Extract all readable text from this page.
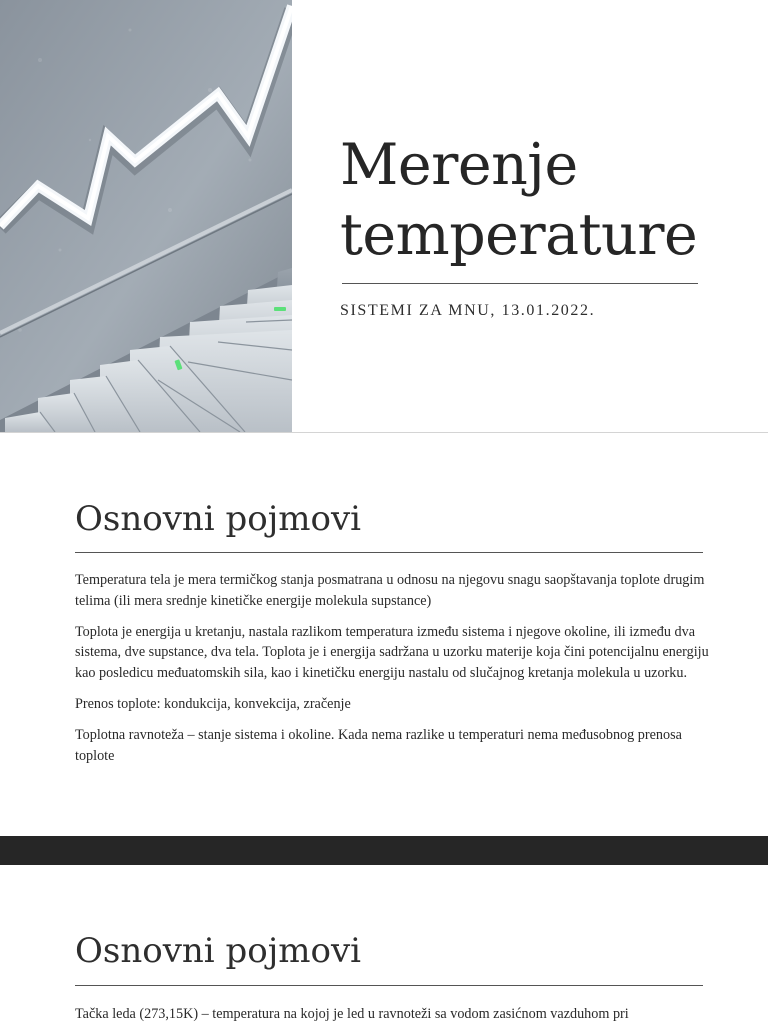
Merenje
temperature
SISTEMI ZA MNU, 13.01.2022.
Osnovni pojmovi

Temperatura tela je mera termičkog stanja posmatrana u odnosu na njegovu snagu saopštavanja toplote drugim telima (ili mera srednje kinetičke energije molekula supstance)

Toplota je energija u kretanju, nastala razlikom temperatura između sistema i njegove okoline, ili između dva sistema, dve supstance, dva tela. Toplota je i energija sadržana u uzorku materije koja čini potencijalnu energiju kao posledicu međuatomskih sila, kao i kinetičku energiju nastalu od slučajnog kretanja molekula u uzorku.

Prenos toplote: kondukcija, konvekcija, zračenje

Toplotna ravnoteža – stanje sistema i okoline. Kada nema razlike u temperaturi nema međusobnog prenosa toplote

Osnovni pojmovi

Tačka leda (273,15K) – temperatura na kojoj je led u ravnoteži sa vodom zasićnom vazduhom pri
